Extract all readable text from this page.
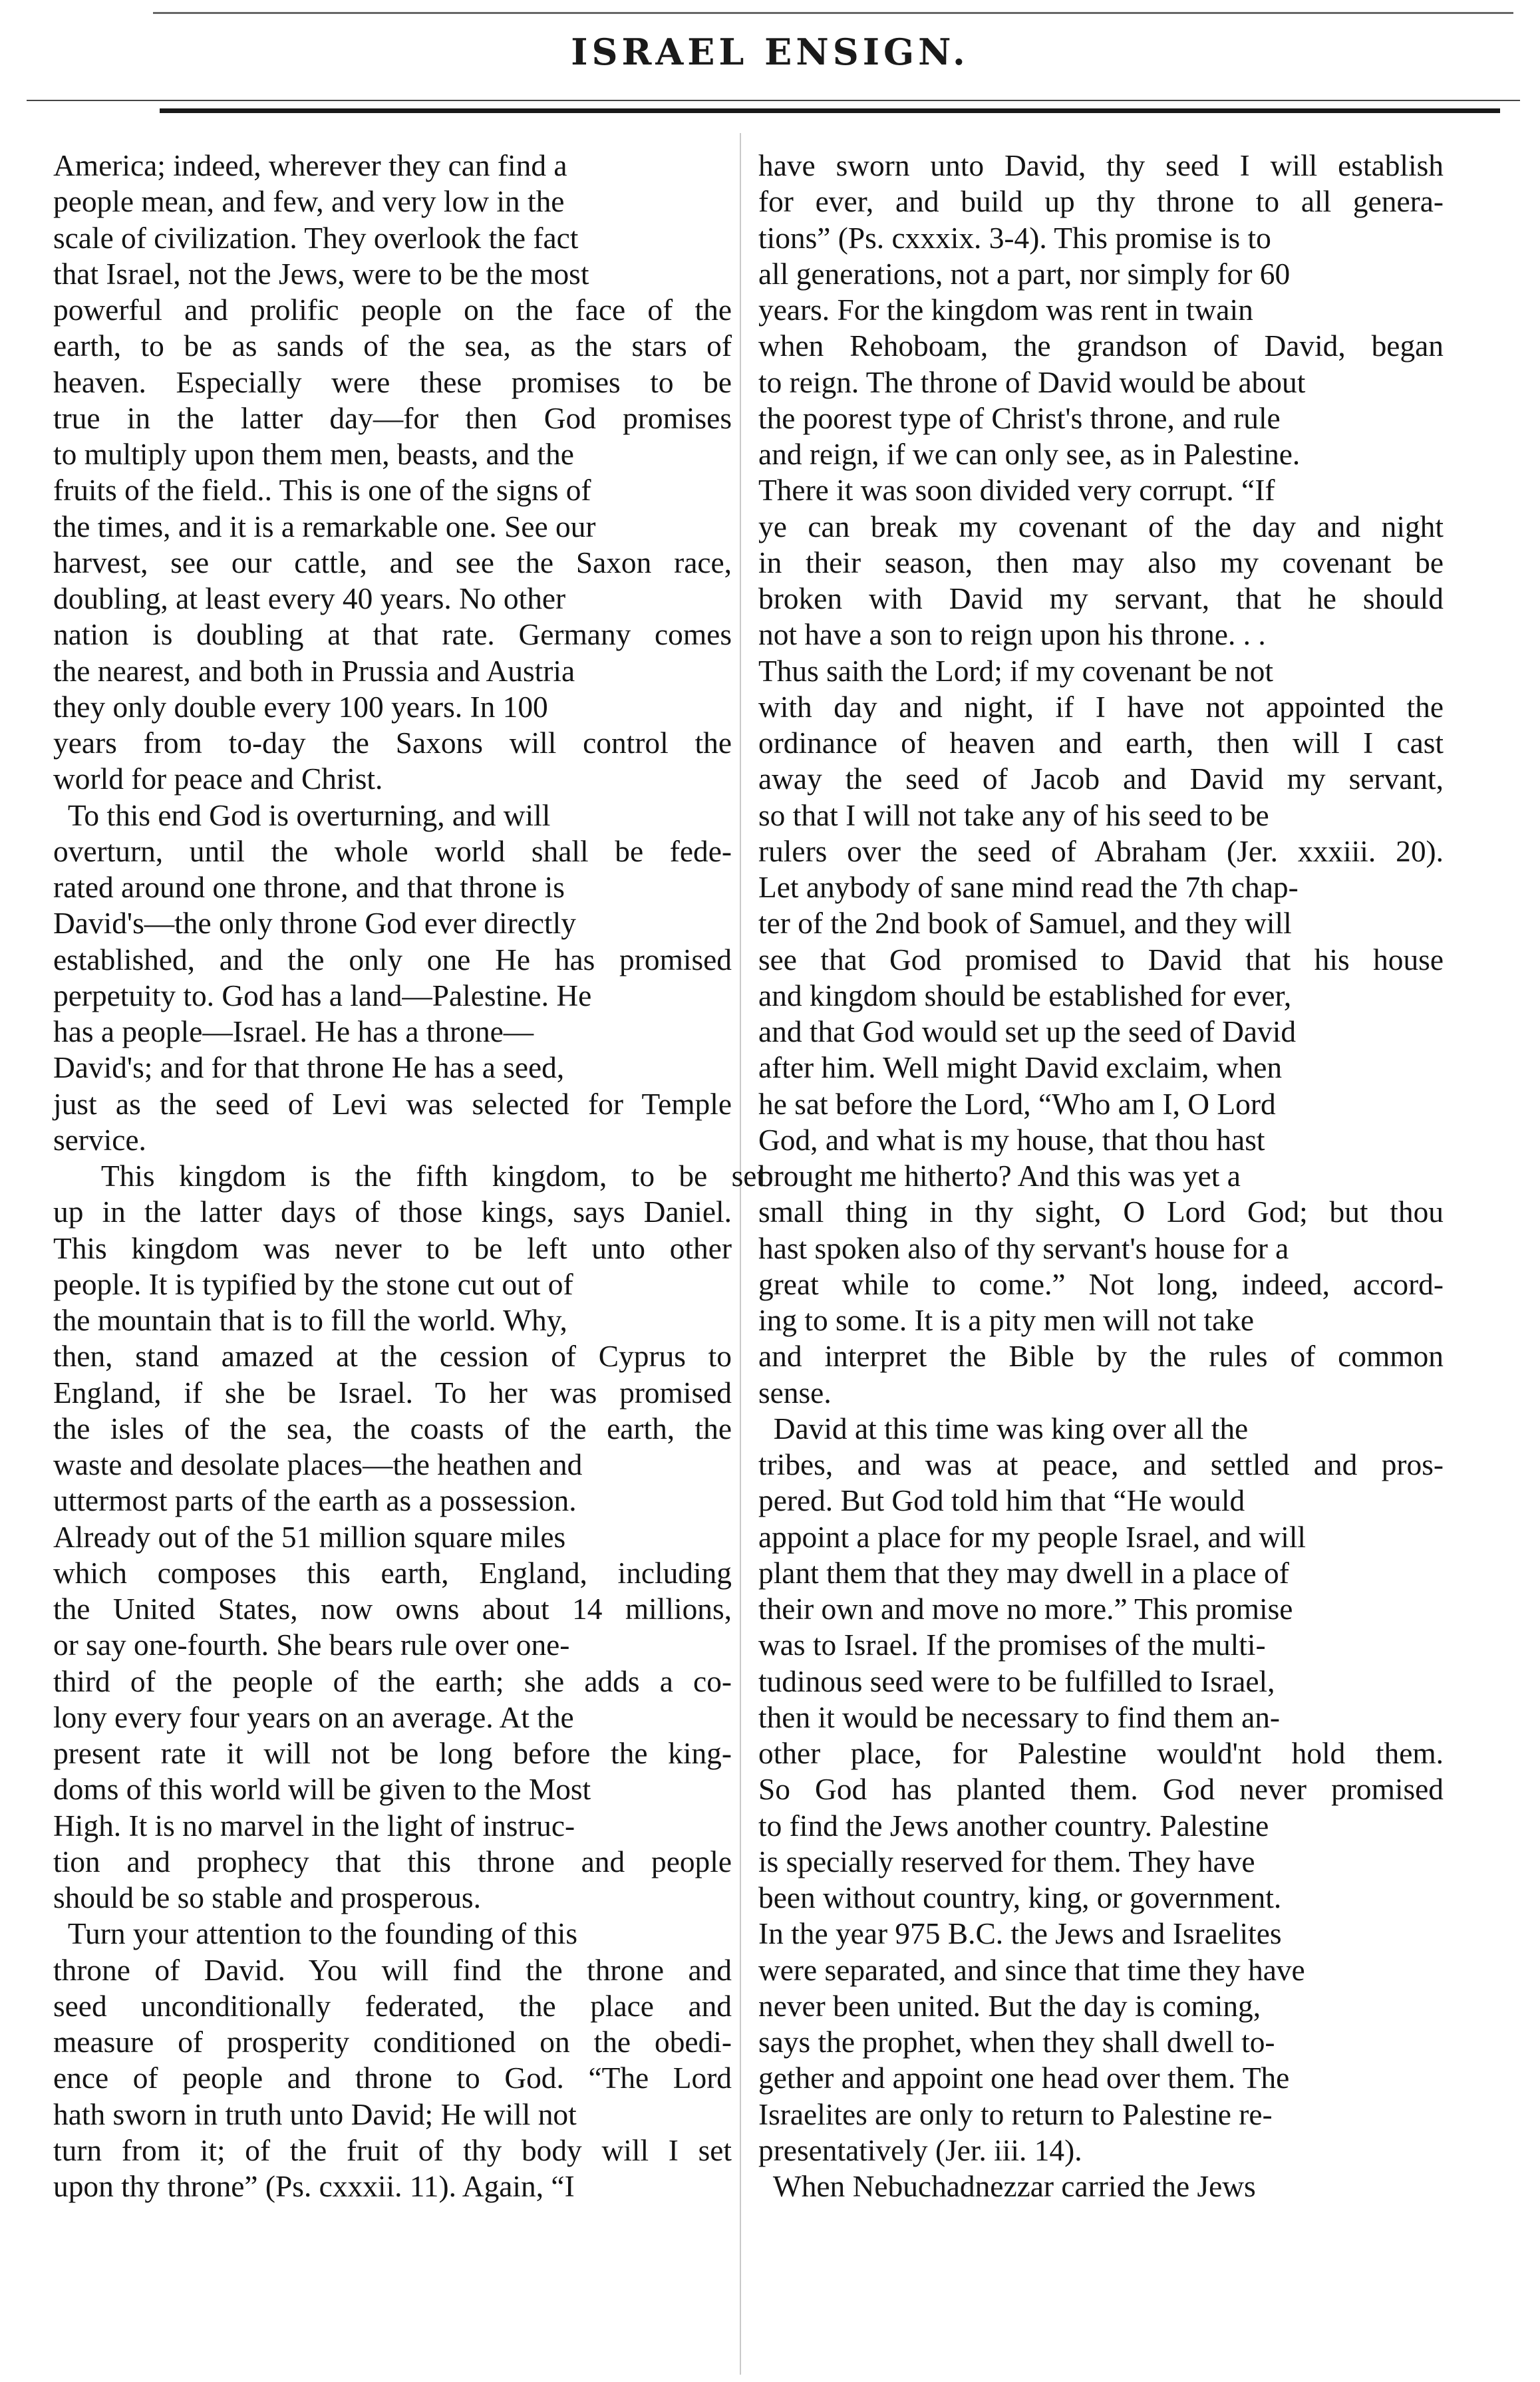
ISRAEL ENSIGN.
America; indeed, wherever they can find a
people mean, and few, and very low in the
scale of civilization. They overlook the fact
that Israel, not the Jews, were to be the most
powerful and prolific people on the face of the
earth, to be as sands of the sea, as the stars of
heaven. Especially were these promises to be
true in the latter day—for then God promises
to multiply upon them men, beasts, and the
fruits of the field.. This is one of the signs of
the times, and it is a remarkable one. See our
harvest, see our cattle, and see the Saxon race,
doubling, at least every 40 years. No other
nation is doubling at that rate. Germany comes
the nearest, and both in Prussia and Austria
they only double every 100 years. In 100
years from to-day the Saxons will control the
world for peace and Christ.
To this end God is overturning, and will
overturn, until the whole world shall be fede-
rated around one throne, and that throne is
David's—the only throne God ever directly
established, and the only one He has promised
perpetuity to. God has a land—Palestine. He
has a people—Israel. He has a throne—
David's; and for that throne He has a seed,
just as the seed of Levi was selected for Temple
service.
This kingdom is the fifth kingdom, to be set
up in the latter days of those kings, says Daniel.
This kingdom was never to be left unto other
people. It is typified by the stone cut out of
the mountain that is to fill the world. Why,
then, stand amazed at the cession of Cyprus to
England, if she be Israel. To her was promised
the isles of the sea, the coasts of the earth, the
waste and desolate places—the heathen and
uttermost parts of the earth as a possession.
Already out of the 51 million square miles
which composes this earth, England, including
the United States, now owns about 14 millions,
or say one-fourth. She bears rule over one-
third of the people of the earth; she adds a co-
lony every four years on an average. At the
present rate it will not be long before the king-
doms of this world will be given to the Most
High. It is no marvel in the light of instruc-
tion and prophecy that this throne and people
should be so stable and prosperous.
Turn your attention to the founding of this
throne of David. You will find the throne and
seed unconditionally federated, the place and
measure of prosperity conditioned on the obedi-
ence of people and throne to God. “The Lord
hath sworn in truth unto David; He will not
turn from it; of the fruit of thy body will I set
upon thy throne” (Ps. cxxxii. 11). Again, “I
have sworn unto David, thy seed I will establish
for ever, and build up thy throne to all genera-
tions” (Ps. cxxxix. 3-4). This promise is to
all generations, not a part, nor simply for 60
years. For the kingdom was rent in twain
when Rehoboam, the grandson of David, began
to reign. The throne of David would be about
the poorest type of Christ's throne, and rule
and reign, if we can only see, as in Palestine.
There it was soon divided very corrupt. “If
ye can break my covenant of the day and night
in their season, then may also my covenant be
broken with David my servant, that he should
not have a son to reign upon his throne. . .
Thus saith the Lord; if my covenant be not
with day and night, if I have not appointed the
ordinance of heaven and earth, then will I cast
away the seed of Jacob and David my servant,
so that I will not take any of his seed to be
rulers over the seed of Abraham (Jer. xxxiii. 20).
Let anybody of sane mind read the 7th chap-
ter of the 2nd book of Samuel, and they will
see that God promised to David that his house
and kingdom should be established for ever,
and that God would set up the seed of David
after him. Well might David exclaim, when
he sat before the Lord, “Who am I, O Lord
God, and what is my house, that thou hast
brought me hitherto? And this was yet a
small thing in thy sight, O Lord God; but thou
hast spoken also of thy servant's house for a
great while to come.” Not long, indeed, accord-
ing to some. It is a pity men will not take
and interpret the Bible by the rules of common
sense.
David at this time was king over all the
tribes, and was at peace, and settled and pros-
pered. But God told him that “He would
appoint a place for my people Israel, and will
plant them that they may dwell in a place of
their own and move no more.” This promise
was to Israel. If the promises of the multi-
tudinous seed were to be fulfilled to Israel,
then it would be necessary to find them an-
other place, for Palestine would'nt hold them.
So God has planted them. God never promised
to find the Jews another country. Palestine
is specially reserved for them. They have
been without country, king, or government.
In the year 975 B.C. the Jews and Israelites
were separated, and since that time they have
never been united. But the day is coming,
says the prophet, when they shall dwell to-
gether and appoint one head over them. The
Israelites are only to return to Palestine re-
presentatively (Jer. iii. 14).
When Nebuchadnezzar carried the Jews
